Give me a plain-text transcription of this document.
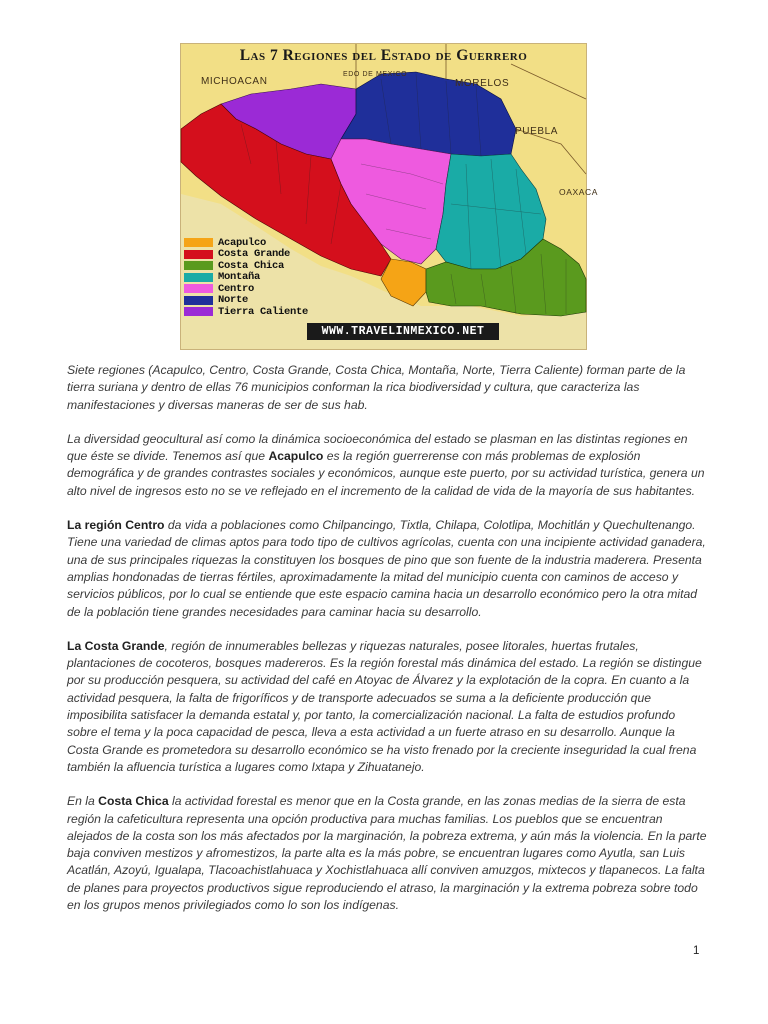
Las 7 Regiones del Estado de Guerrero
MICHOACAN
EDO DE MEXICO
MORELOS
PUEBLA
OAXACA
Acapulco
Costa Grande
Costa Chica
Montaña
Centro
Norte
Tierra Caliente
WWW.TRAVELINMEXICO.NET

Siete regiones (Acapulco, Centro, Costa Grande, Costa Chica, Montaña, Norte, Tierra Caliente) forman parte de la tierra suriana y dentro de ellas 76 municipios conforman la rica biodiversidad y cultura, que caracteriza las manifestaciones y diversas maneras de ser de sus hab.

La diversidad geocultural así como la dinámica socioeconómica del estado se plasman en las distintas regiones en que éste se divide. Tenemos así que Acapulco es la región guerrerense con más problemas de explosión demográfica y de grandes contrastes sociales y económicos, aunque este puerto, por su actividad turística, genera un alto nivel de ingresos esto no se ve reflejado en el incremento de la calidad de vida de la mayoría de sus habitantes.

La región Centro da vida a poblaciones como Chilpancingo, Tixtla, Chilapa, Colotlipa, Mochitlán y Quechultenango. Tiene una variedad de climas aptos para todo tipo de cultivos agrícolas, cuenta con una incipiente actividad ganadera, una de sus principales riquezas la constituyen los bosques de pino que son fuente de la industria maderera. Presenta amplias hondonadas de tierras fértiles, aproximadamente la mitad del municipio cuenta con caminos de acceso y servicios públicos, por lo cual se entiende que este espacio camina hacia un desarrollo económico pero la otra mitad de la población tiene grandes necesidades para caminar hacia su desarrollo.

La Costa Grande, región de innumerables bellezas y riquezas naturales, posee litorales, huertas frutales, plantaciones de cocoteros, bosques madereros. Es la región forestal más dinámica del estado. La región se distingue por su producción pesquera, su actividad del café en Atoyac de Álvarez y la explotación de la copra. En cuanto a la actividad pesquera, la falta de frigoríficos y de transporte adecuados se suma a la deficiente producción que imposibilita satisfacer la demanda estatal y, por tanto, la comercialización nacional. La falta de estudios profundo sobre el tema y la poca capacidad de pesca, lleva a esta actividad a un fuerte atraso en su desarrollo. Aunque la Costa Grande es prometedora su desarrollo económico se ha visto frenado por la creciente inseguridad la cual frena también la afluencia turística a lugares como Ixtapa y Zihuatanejo.

En la Costa Chica la actividad forestal es menor que en la Costa grande, en las zonas medias de la sierra de esta región la cafeticultura representa una opción productiva para muchas familias. Los pueblos que se encuentran alejados de la costa son los más afectados por la marginación, la pobreza extrema, y aún más la violencia. En la parte baja conviven mestizos y afromestizos, la parte alta es la más pobre, se encuentran lugares como Ayutla, san Luis Acatlán, Azoyú, Igualapa, Tlacoachistlahuaca y Xochistlahuaca allí conviven amuzgos, mixtecos y tlapanecos. La falta de planes para proyectos productivos sigue reproduciendo el atraso, la marginación y la extrema pobreza sobre todo en los grupos menos privilegiados como lo son los indígenas.

1
